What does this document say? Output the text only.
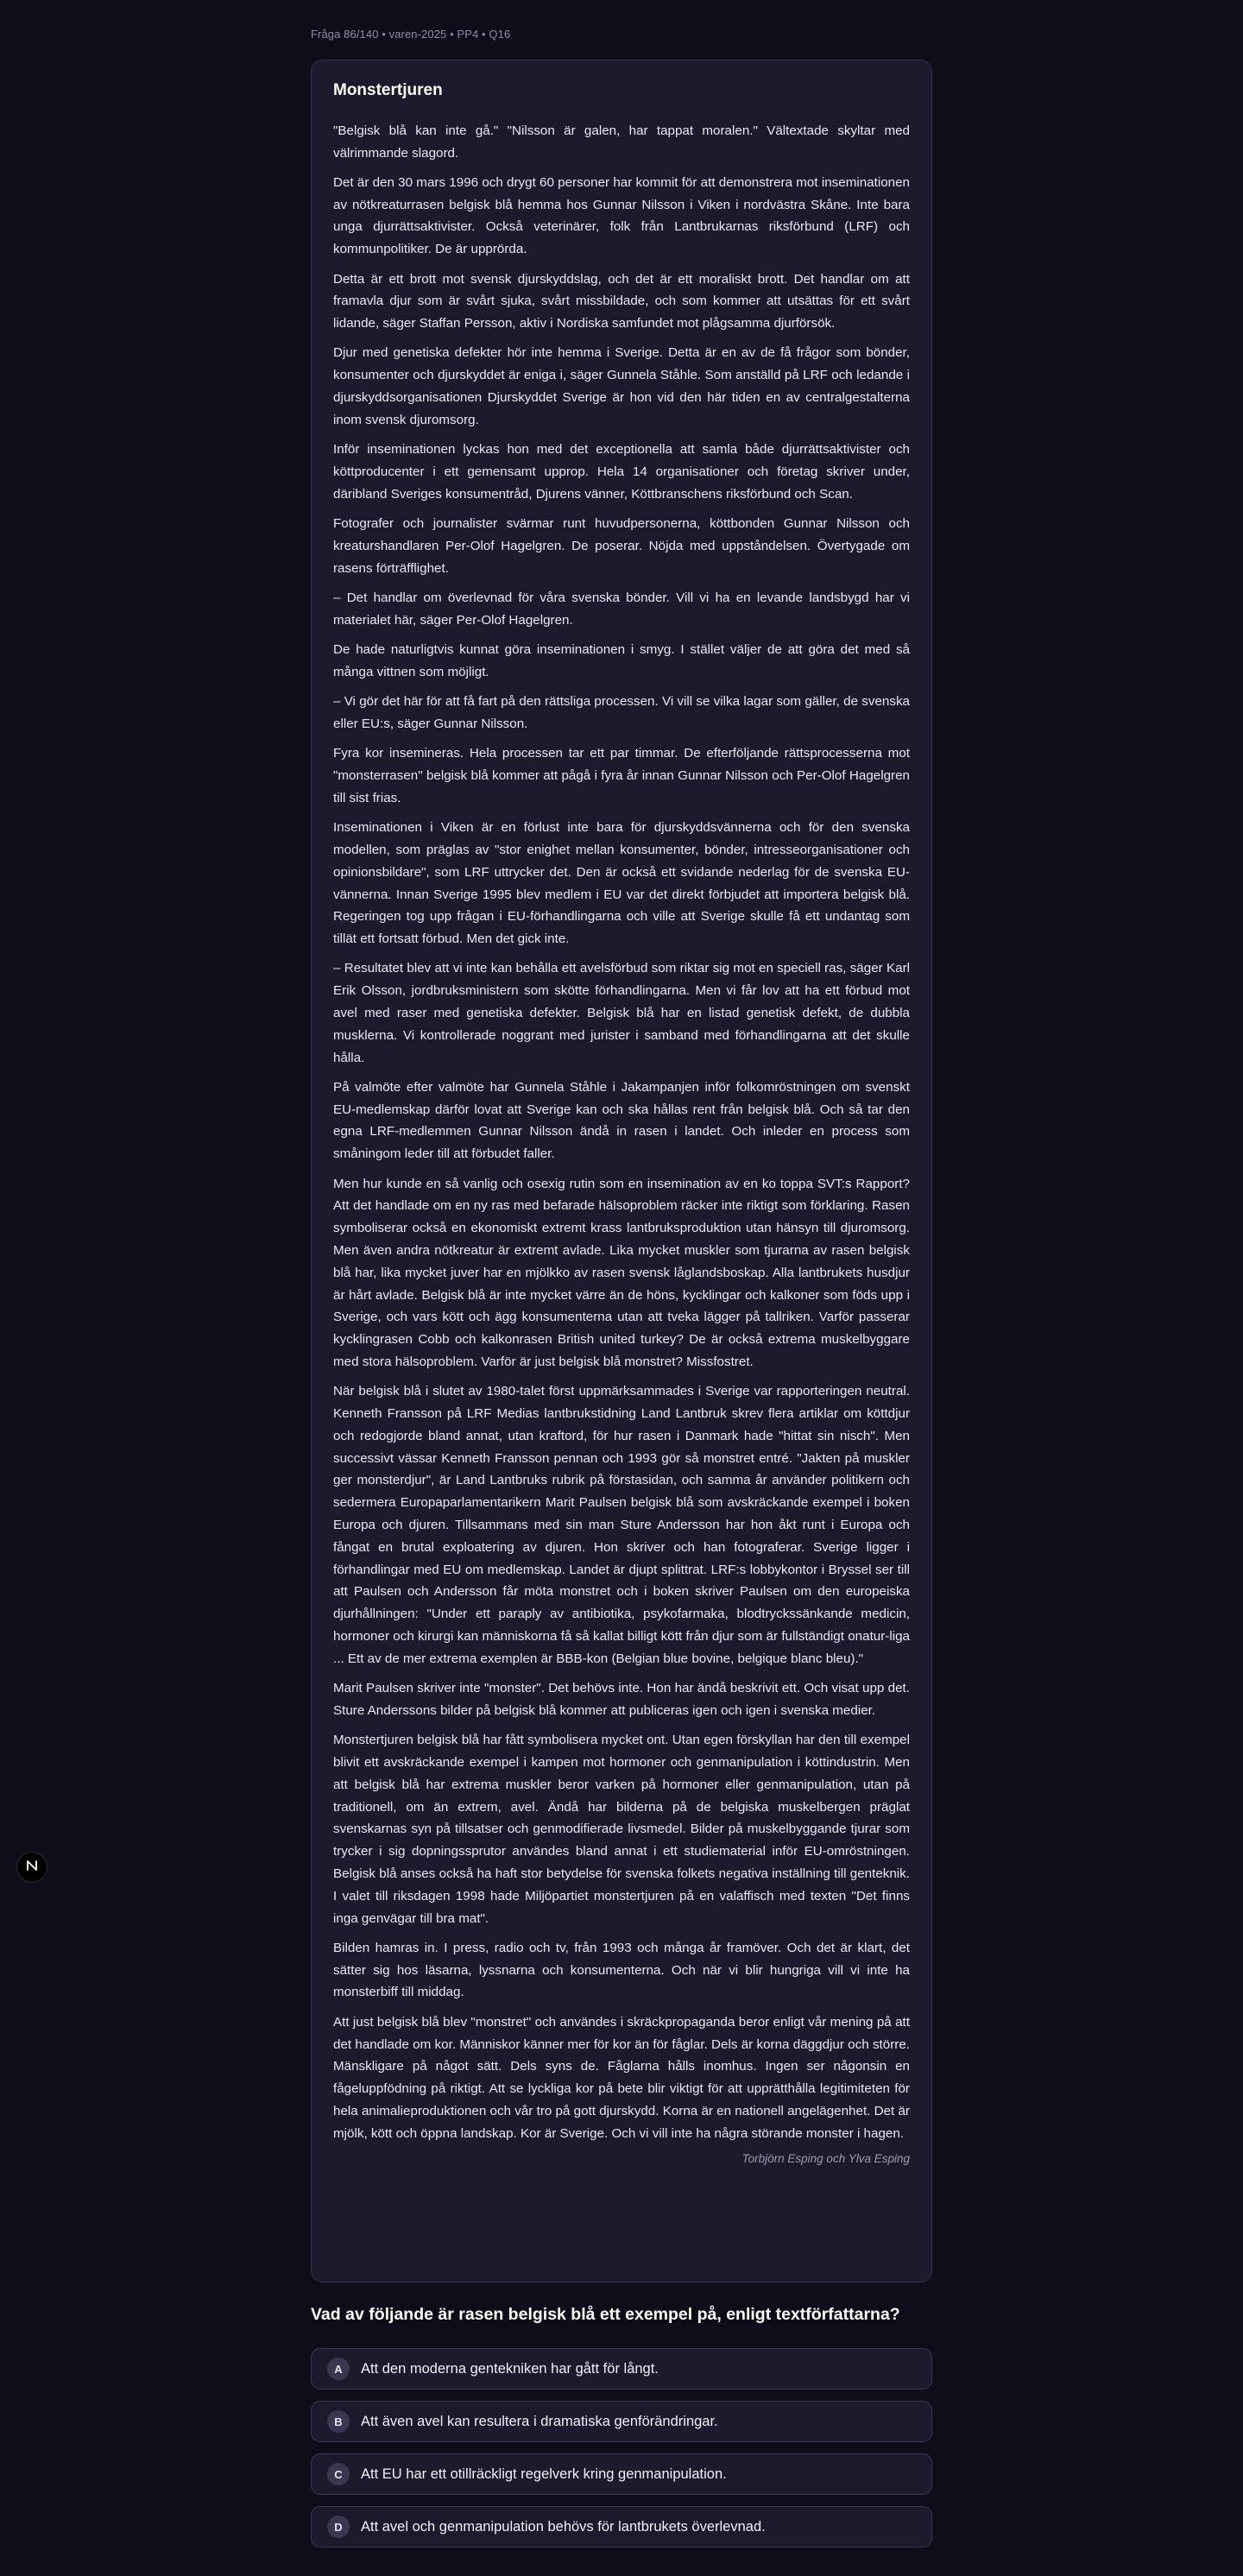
Fråga 86/140 • varen-2025 • PP4 • Q16
Monstertjuren

"Belgisk blå kan inte gå." "Nilsson är galen, har tappat moralen." Vältextade skyltar med välrimmande slagord.

Det är den 30 mars 1996 och drygt 60 personer har kommit för att demonstrera mot inseminationen av nötkreaturrasen belgisk blå hemma hos Gunnar Nilsson i Viken i nordvästra Skåne. Inte bara unga djurrättsaktivister. Också veterinärer, folk från Lantbrukarnas riksförbund (LRF) och kommunpolitiker. De är upprörda.

Detta är ett brott mot svensk djurskyddslag, och det är ett moraliskt brott. Det handlar om att framavla djur som är svårt sjuka, svårt missbildade, och som kommer att utsättas för ett svårt lidande, säger Staffan Persson, aktiv i Nordiska samfundet mot plågsamma djurförsök.

Djur med genetiska defekter hör inte hemma i Sverige. Detta är en av de få frågor som bönder, konsumenter och djurskyddet är eniga i, säger Gunnela Ståhle. Som anställd på LRF och ledande i djurskyddsorganisationen Djurskyddet Sverige är hon vid den här tiden en av centralgestalterna inom svensk djuromsorg.

Inför inseminationen lyckas hon med det exceptionella att samla både djurrättsaktivister och köttproducenter i ett gemensamt upprop. Hela 14 organisationer och företag skriver under, däribland Sveriges konsumentråd, Djurens vänner, Köttbranschens riksförbund och Scan.

Fotografer och journalister svärmar runt huvudpersonerna, köttbonden Gunnar Nilsson och kreaturshandlaren Per-Olof Hagelgren. De poserar. Nöjda med uppståndelsen. Övertygade om rasens förträfflighet.

– Det handlar om överlevnad för våra svenska bönder. Vill vi ha en levande landsbygd har vi materialet här, säger Per-Olof Hagelgren.

De hade naturligtvis kunnat göra inseminationen i smyg. I stället väljer de att göra det med så många vittnen som möjligt.

– Vi gör det här för att få fart på den rättsliga processen. Vi vill se vilka lagar som gäller, de svenska eller EU:s, säger Gunnar Nilsson.

Fyra kor insemineras. Hela processen tar ett par timmar. De efterföljande rättsprocesserna mot "monsterrasen" belgisk blå kommer att pågå i fyra år innan Gunnar Nilsson och Per-Olof Hagelgren till sist frias.

Inseminationen i Viken är en förlust inte bara för djurskyddsvännerna och för den svenska modellen, som präglas av "stor enighet mellan konsumenter, bönder, intresseorganisationer och opinionsbildare", som LRF uttrycker det. Den är också ett svidande nederlag för de svenska EU-vännerna. Innan Sverige 1995 blev medlem i EU var det direkt förbjudet att importera belgisk blå. Regeringen tog upp frågan i EU-förhandlingarna och ville att Sverige skulle få ett undantag som tillät ett fortsatt förbud. Men det gick inte.

– Resultatet blev att vi inte kan behålla ett avelsförbud som riktar sig mot en speciell ras, säger Karl Erik Olsson, jordbruksministern som skötte förhandlingarna. Men vi får lov att ha ett förbud mot avel med raser med genetiska defekter. Belgisk blå har en listad genetisk defekt, de dubbla musklerna. Vi kontrollerade noggrant med jurister i samband med förhandlingarna att det skulle hålla.

På valmöte efter valmöte har Gunnela Ståhle i Jakampanjen inför folkomröstningen om svenskt EU-medlemskap därför lovat att Sverige kan och ska hållas rent från belgisk blå. Och så tar den egna LRF-medlemmen Gunnar Nilsson ändå in rasen i landet. Och inleder en process som småningom leder till att förbudet faller.

Men hur kunde en så vanlig och osexig rutin som en insemination av en ko toppa SVT:s Rapport? Att det handlade om en ny ras med befarade hälsoproblem räcker inte riktigt som förklaring. Rasen symboliserar också en ekonomiskt extremt krass lantbruksproduktion utan hänsyn till djuromsorg. Men även andra nötkreatur är extremt avlade. Lika mycket muskler som tjurarna av rasen belgisk blå har, lika mycket juver har en mjölkko av rasen svensk låglandsboskap. Alla lantbrukets husdjur är hårt avlade. Belgisk blå är inte mycket värre än de höns, kycklingar och kalkoner som föds upp i Sverige, och vars kött och ägg konsumenterna utan att tveka lägger på tallriken. Varför passerar kycklingrasen Cobb och kalkonrasen British united turkey? De är också extrema muskelbyggare med stora hälsoproblem. Varför är just belgisk blå monstret? Missfostret.

När belgisk blå i slutet av 1980-talet först uppmärksammades i Sverige var rapporteringen neutral. Kenneth Fransson på LRF Medias lantbrukstidning Land Lantbruk skrev flera artiklar om köttdjur och redogjorde bland annat, utan kraftord, för hur rasen i Danmark hade "hittat sin nisch". Men successivt vässar Kenneth Fransson pennan och 1993 gör så monstret entré. "Jakten på muskler ger monsterdjur", är Land Lantbruks rubrik på förstasidan, och samma år använder politikern och sedermera Europaparlamentarikern Marit Paulsen belgisk blå som avskräckande exempel i boken Europa och djuren. Tillsammans med sin man Sture Andersson har hon åkt runt i Europa och fångat en brutal exploatering av djuren. Hon skriver och han fotograferar. Sverige ligger i förhandlingar med EU om medlemskap. Landet är djupt splittrat. LRF:s lobbykontor i Bryssel ser till att Paulsen och Andersson får möta monstret och i boken skriver Paulsen om den europeiska djurhållningen: "Under ett paraply av antibiotika, psykofarmaka, blodtryckssänkande medicin, hormoner och kirurgi kan människorna få så kallat billigt kött från djur som är fullständigt onatur-liga ... Ett av de mer extrema exemplen är BBB-kon (Belgian blue bovine, belgique blanc bleu)."

Marit Paulsen skriver inte "monster". Det behövs inte. Hon har ändå beskrivit ett. Och visat upp det. Sture Anderssons bilder på belgisk blå kommer att publiceras igen och igen i svenska medier.

Monstertjuren belgisk blå har fått symbolisera mycket ont. Utan egen förskyllan har den till exempel blivit ett avskräckande exempel i kampen mot hormoner och genmanipulation i köttindustrin. Men att belgisk blå har extrema muskler beror varken på hormoner eller genmanipulation, utan på traditionell, om än extrem, avel. Ändå har bilderna på de belgiska muskelbergen präglat svenskarnas syn på tillsatser och genmodifierade livsmedel. Bilder på muskelbyggande tjurar som trycker i sig dopningssprutor användes bland annat i ett studiematerial inför EU-omröstningen. Belgisk blå anses också ha haft stor betydelse för svenska folkets negativa inställning till genteknik. I valet till riksdagen 1998 hade Miljöpartiet monstertjuren på en valaffisch med texten "Det finns inga genvägar till bra mat".

Bilden hamras in. I press, radio och tv, från 1993 och många år framöver. Och det är klart, det sätter sig hos läsarna, lyssnarna och konsumenterna. Och när vi blir hungriga vill vi inte ha monsterbiff till middag.

Att just belgisk blå blev "monstret" och användes i skräckpropaganda beror enligt vår mening på att det handlade om kor. Människor känner mer för kor än för fåglar. Dels är korna däggdjur och större. Mänskligare på något sätt. Dels syns de. Fåglarna hålls inomhus. Ingen ser någonsin en fågeluppfödning på riktigt. Att se lyckliga kor på bete blir viktigt för att upprätthålla legitimiteten för hela animalieproduktionen och vår tro på gott djurskydd. Korna är en nationell angelägenhet. Det är mjölk, kött och öppna landskap. Kor är Sverige. Och vi vill inte ha några störande monster i hagen.

Torbjörn Esping och Ylva Esping
Vad av följande är rasen belgisk blå ett exempel på, enligt textförfattarna?
A	Att den moderna gentekniken har gått för långt.
B	Att även avel kan resultera i dramatiska genförändringar.
C	Att EU har ett otillräckligt regelverk kring genmanipulation.
D	Att avel och genmanipulation behövs för lantbrukets överlevnad.
